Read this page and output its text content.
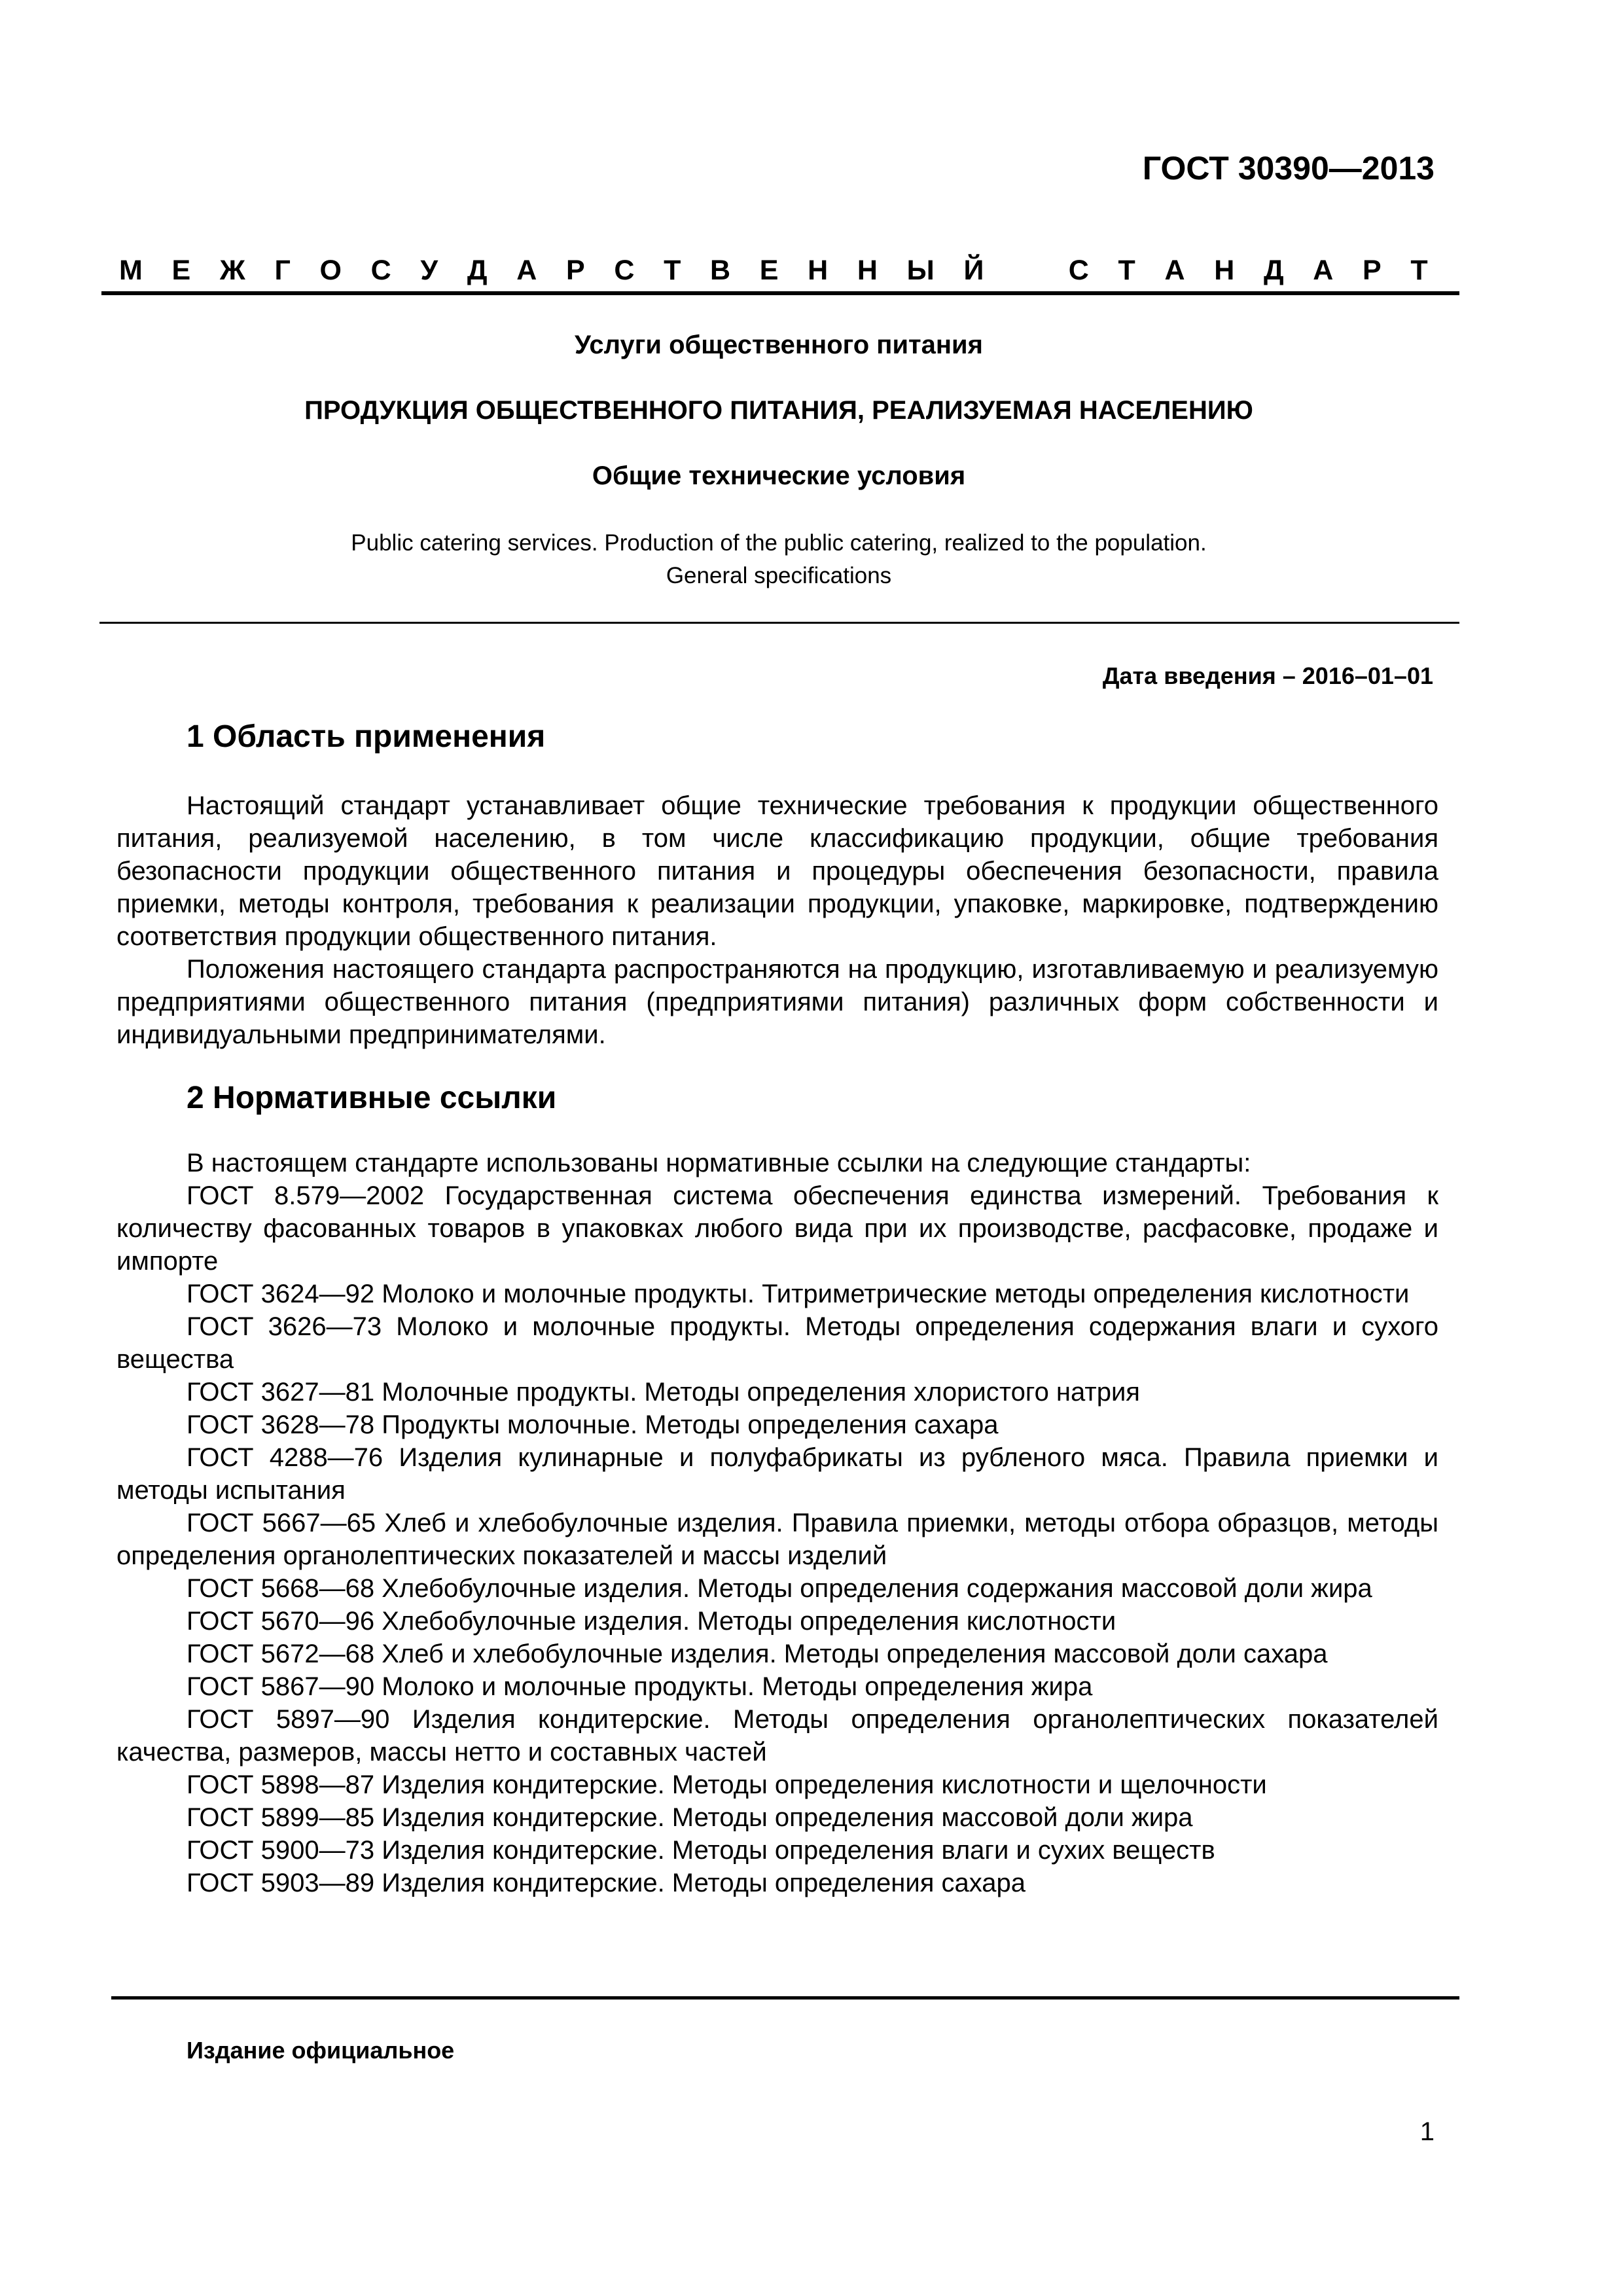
ГОСТ 30390—2013
М Е Ж Г О С У Д А Р С Т В Е Н Н Ы Й	С Т А Н Д А Р Т
Услуги общественного питания
ПРОДУКЦИЯ ОБЩЕСТВЕННОГО ПИТАНИЯ, РЕАЛИЗУЕМАЯ НАСЕЛЕНИЮ
Общие технические условия
Public catering services. Production of the public catering, realized to the population.
General specifications
Дата введения – 2016–01–01
1 Область применения

Настоящий стандарт устанавливает общие технические требования к продукции общественного питания, реализуемой населению, в том числе классификацию продукции, общие требования безопасности продукции общественного питания и процедуры обеспечения безопасности, правила приемки, методы контроля, требования к реализации продукции, упаковке, маркировке, подтверждению соответствия продукции общественного питания.

Положения настоящего стандарта распространяются на продукцию, изготавливаемую и реализуемую предприятиями общественного питания (предприятиями питания) различных форм собственности и индивидуальными предпринимателями.

2 Нормативные ссылки

В настоящем стандарте использованы нормативные ссылки на следующие стандарты:

ГОСТ 8.579—2002 Государственная система обеспечения единства измерений. Требования к количеству фасованных товаров в упаковках любого вида при их производстве, расфасовке, продаже и импорте

ГОСТ 3624—92 Молоко и молочные продукты. Титриметрические методы определения кислотности

ГОСТ 3626—73 Молоко и молочные продукты. Методы определения содержания влаги и сухого вещества

ГОСТ 3627—81 Молочные продукты. Методы определения хлористого натрия

ГОСТ 3628—78 Продукты молочные. Методы определения сахара

ГОСТ 4288—76 Изделия кулинарные и полуфабрикаты из рубленого мяса. Правила приемки и методы испытания

ГОСТ 5667—65 Хлеб и хлебобулочные изделия. Правила приемки, методы отбора образцов, методы определения органолептических показателей и массы изделий

ГОСТ 5668—68 Хлебобулочные изделия. Методы определения содержания массовой доли жира

ГОСТ 5670—96 Хлебобулочные изделия. Методы определения кислотности

ГОСТ 5672—68 Хлеб и хлебобулочные изделия. Методы определения массовой доли сахара

ГОСТ 5867—90 Молоко и молочные продукты. Методы определения жира

ГОСТ 5897—90 Изделия кондитерские. Методы определения органолептических показателей качества, размеров, массы нетто и составных частей

ГОСТ 5898—87 Изделия кондитерские. Методы определения кислотности и щелочности

ГОСТ 5899—85 Изделия кондитерские. Методы определения массовой доли жира

ГОСТ 5900—73 Изделия кондитерские. Методы определения влаги и сухих веществ

ГОСТ 5903—89 Изделия кондитерские. Методы определения сахара

Издание официальное
1
